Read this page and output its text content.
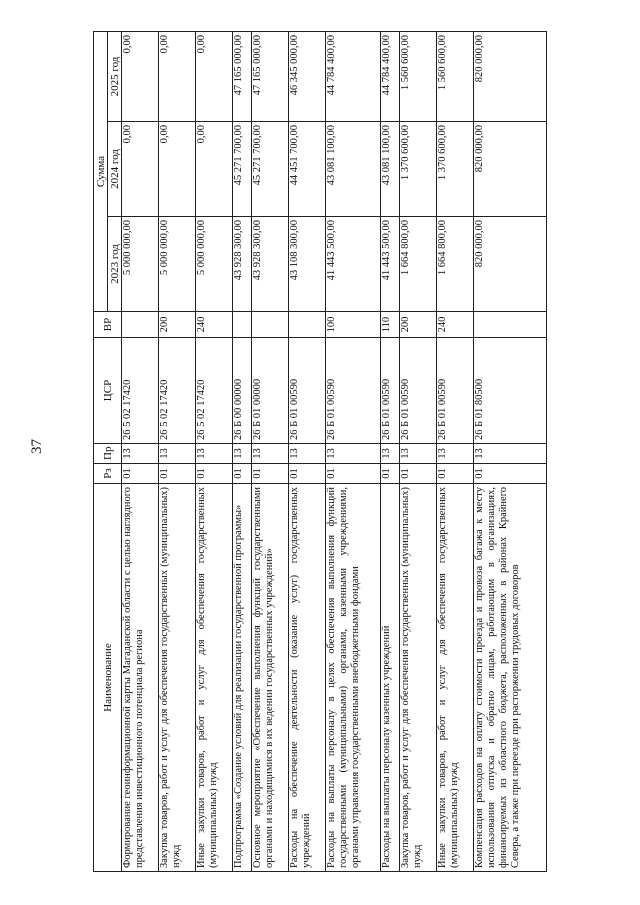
37
Наименование	Рз	Пр	ЦСР	ВР	Сумма		
					2023 год	2024 год	2025 год
Формирование геоинформационной карты Магаданской области с целью наглядного представления инвестиционного потенциала региона	01	13	26 5 02 17420		5 000 000,00	0,00	0,00
Закупка товаров, работ и услуг для обеспечения государственных (муниципальных) нужд	01	13	26 5 02 17420	200	5 000 000,00	0,00	0,00
Иные закупки товаров, работ и услуг для обеспечения государственных (муниципальных) нужд	01	13	26 5 02 17420	240	5 000 000,00	0,00	0,00
Подпрограмма «Создание условий для реализации государственной программы»	01	13	26 Б 00 00000		43 928 300,00	45 271 700,00	47 165 000,00
Основное мероприятие «Обеспечение выполнения функций государственными органами и находящимися в их ведении государственных учреждений»	01	13	26 Б 01 00000		43 928 300,00	45 271 700,00	47 165 000,00
Расходы на обеспечение деятельности (оказание услуг) государственных учреждений	01	13	26 Б 01 00590		43 108 300,00	44 451 700,00	46 345 000,00
Расходы на выплаты персоналу в целях обеспечения выполнения функций государственными (муниципальными) органами, казенными учреждениями, органами управления государственными внебюджетными фондами	01	13	26 Б 01 00590	100	41 443 500,00	43 081 100,00	44 784 400,00
Расходы на выплаты персоналу казенных учреждений	01	13	26 Б 01 00590	110	41 443 500,00	43 081 100,00	44 784 400,00
Закупка товаров, работ и услуг для обеспечения государственных (муниципальных) нужд	01	13	26 Б 01 00590	200	1 664 800,00	1 370 600,00	1 560 600,00
Иные закупки товаров, работ и услуг для обеспечения государственных (муниципальных) нужд	01	13	26 Б 01 00590	240	1 664 800,00	1 370 600,00	1 560 600,00
Компенсация расходов на оплату стоимости проезда и провоза багажа к месту использования отпуска и обратно лицам, работающим в организациях, финансируемых из областного бюджета, расположенных в районах Крайнего Севера, а также при переезде при расторжении трудовых договоров	01	13	26 Б 01 80500		820 000,00	820 000,00	820 000,00
